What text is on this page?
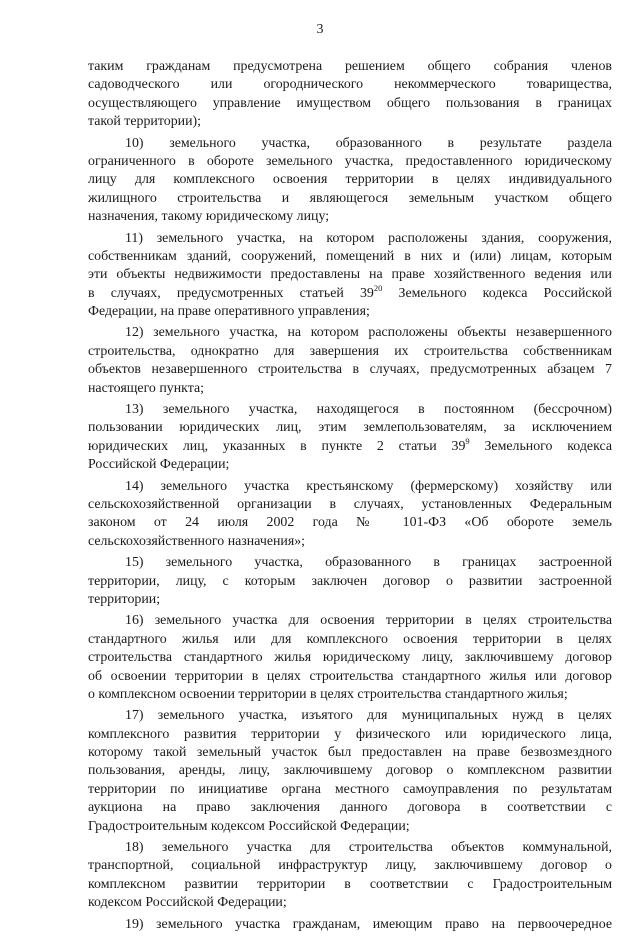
3
таким гражданам предусмотрена решением общего собрания членов
садоводческого или огороднического некоммерческого товарищества,
осуществляющего управление имуществом общего пользования в границах
такой территории);
10) земельного участка, образованного в результате раздела
ограниченного в обороте земельного участка, предоставленного юридическому
лицу для комплексного освоения территории в целях индивидуального
жилищного строительства и являющегося земельным участком общего
назначения, такому юридическому лицу;
11) земельного участка, на котором расположены здания, сооружения,
собственникам зданий, сооружений, помещений в них и (или) лицам, которым
эти объекты недвижимости предоставлены на праве хозяйственного ведения или
в случаях, предусмотренных статьей $39^{20}$ Земельного кодекса Российской
Федерации, на праве оперативного управления;
12) земельного участка, на котором расположены объекты незавершенного
строительства, однократно для завершения их строительства собственникам
объектов незавершенного строительства в случаях, предусмотренных абзацем 7
настоящего пункта;
13) земельного участка, находящегося в постоянном (бессрочном)
пользовании юридических лиц, этим землепользователям, за исключением
юридических лиц, указанных в пункте 2 статьи $39^9$ Земельного кодекса
Российской Федерации;
14) земельного участка крестьянскому (фермерскому) хозяйству или
сельскохозяйственной организации в случаях, установленных Федеральным
законом от 24 июля 2002 года № 101-ФЗ «Об обороте земель
сельскохозяйственного назначения»;
15) земельного участка, образованного в границах застроенной
территории, лицу, с которым заключен договор о развитии застроенной
территории;
16) земельного участка для освоения территории в целях строительства
стандартного жилья или для комплексного освоения территории в целях
строительства стандартного жилья юридическому лицу, заключившему договор
об освоении территории в целях строительства стандартного жилья или договор
о комплексном освоении территории в целях строительства стандартного жилья;
17) земельного участка, изъятого для муниципальных нужд в целях
комплексного развития территории у физического или юридического лица,
которому такой земельный участок был предоставлен на праве безвозмездного
пользования, аренды, лицу, заключившему договор о комплексном развитии
территории по инициативе органа местного самоуправления по результатам
аукциона на право заключения данного договора в соответствии с
Градостроительным кодексом Российской Федерации;
18) земельного участка для строительства объектов коммунальной,
транспортной, социальной инфраструктур лицу, заключившему договор о
комплексном развитии территории в соответствии с Градостроительным
кодексом Российской Федерации;
19) земельного участка гражданам, имеющим право на первоочередное
